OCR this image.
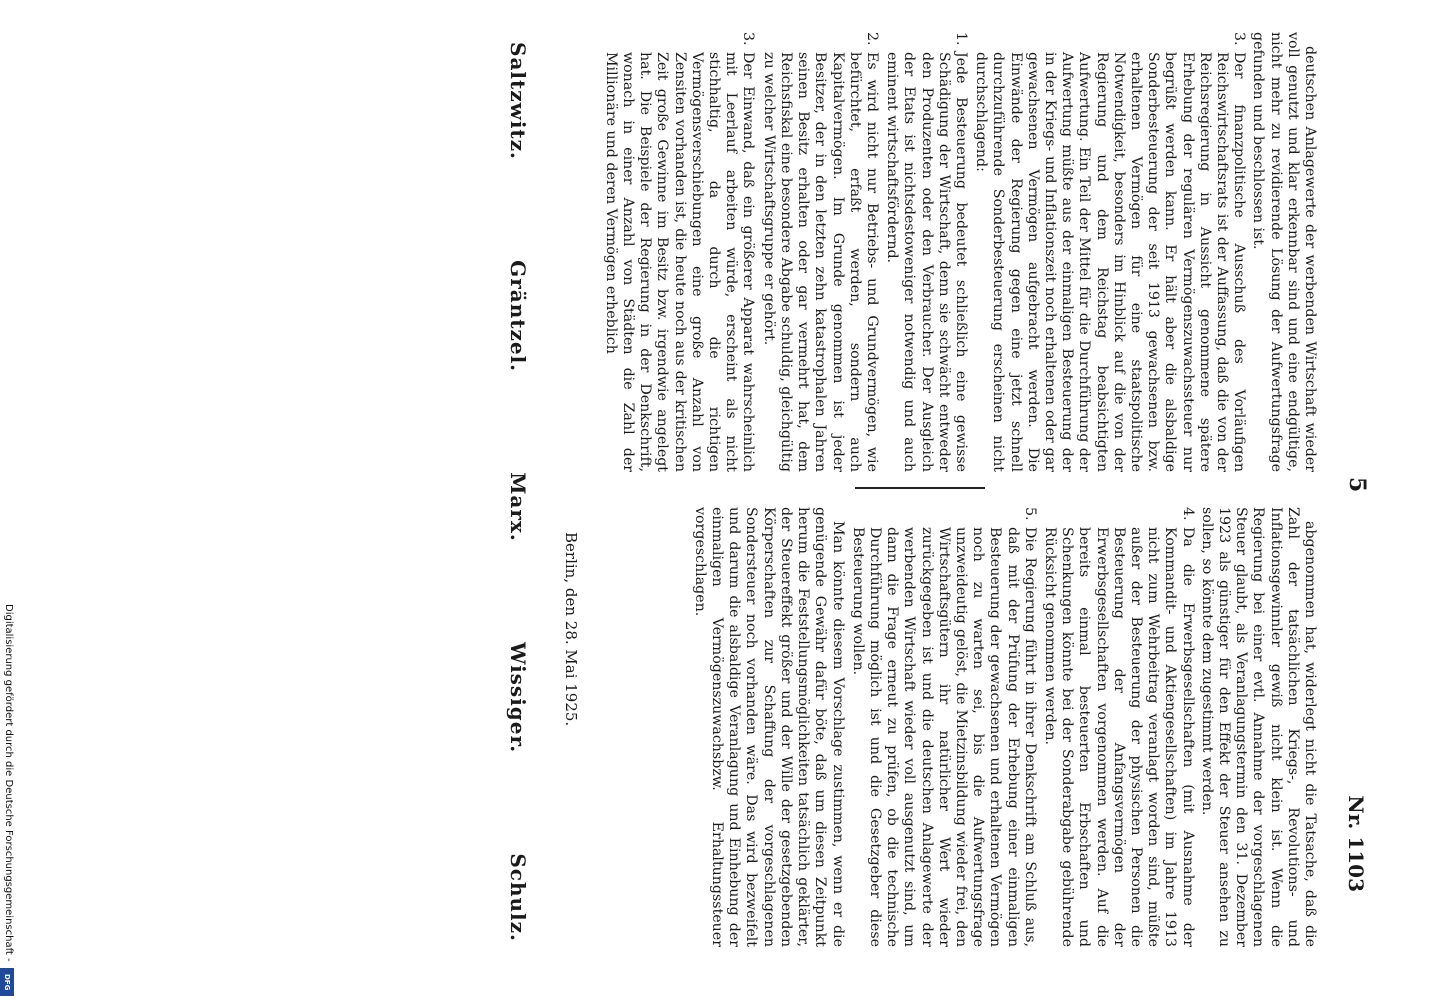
5
Nr. 1103

deutschen Anlagewerte der werbenden Wirtschaft wieder voll genutzt und klar erkennbar sind und eine endgültige, nicht mehr zu revidierende Lösung der Aufwertungsfrage gefunden und beschlossen ist.

3.
Der finanzpolitische Ausschuß des Vorläufigen Reichswirtschaftsrats ist der Auffassung, daß die von der Reichsregierung in Aussicht genommene spätere Erhebung der regulären Vermögenszuwachssteuer nur begrüßt werden kann. Er hält aber die alsbaldige Sonderbesteuerung der seit 1913 gewachsenen bzw. erhaltenen Vermögen für eine staatspolitische Notwendigkeit, besonders im Hinblick auf die von der Regierung und dem Reichstag beabsichtigten Aufwertung. Ein Teil der Mittel für die Durchführung der Aufwertung müßte aus der einmaligen Besteuerung der in der Kriegs- und Inflationszeit noch erhaltenen oder gar gewachsenen Vermögen aufgebracht werden. Die Einwände der Regierung gegen eine jetzt schnell durchzuführende Sonderbesteuerung erscheinen nicht durchschlagend:
1.
Jede Besteuerung bedeutet schließlich eine gewisse Schädigung der Wirtschaft, denn sie schwächt entweder den Produzenten oder den Verbraucher. Der Ausgleich der Etats ist nichtsdestoweniger notwendig und auch eminent wirtschaftsfördernd.
2.
Es wird nicht nur Betriebs- und Grundvermögen, wie befürchtet, erfaßt werden, sondern auch Kapitalvermögen. Im Grunde genommen ist jeder Besitzer, der in den letzten zehn katastrophalen Jahren seinen Besitz erhalten oder gar vermehrt hat, dem Reichsfiskal eine besondere Abgabe schuldig, gleichgültig zu welcher Wirtschaftsgruppe er gehört.
3.
Der Einwand, daß ein größerer Apparat wahrscheinlich mit Leerlauf arbeiten würde, erscheint als nicht stichhaltig, da durch die richtigen Vermögensverschiebungen eine große Anzahl von Zensiten vorhanden ist, die heute noch aus der kritischen Zeit große Gewinne im Besitz bzw. irgendwie angelegt hat. Die Beispiele der Regierung in der Denkschrift, wonach in einer Anzahl von Städten die Zahl der Millionäre und deren Vermögen erheblich

abgenommen hat, widerlegt nicht die Tatsache, daß die Zahl der tatsächlichen Kriegs-, Revolutions- und Inflationsgewinnler gewiß nicht klein ist. Wenn die Regierung bei einer evtl. Annahme der vorgeschlagenen Steuer glaubt, als Veranlagungstermin den 31. Dezember 1923 als günstiger für den Effekt der Steuer ansehen zu sollen, so könnte dem zugestimmt werden.

4.
Da die Erwerbsgesellschaften (mit Ausnahme der Kommandit- und Aktiengesellschaften) im Jahre 1913 nicht zum Wehrbeitrag veranlagt worden sind, müßte außer der Besteuerung der physischen Personen die Besteuerung der Anfangsvermögen der Erwerbsgesellschaften vorgenommen werden. Auf die bereits einmal besteuerten Erbschaften und Schenkungen könnte bei der Sonderabgabe gebührende Rücksicht genommen werden.
5.
Die Regierung führt in ihrer Denkschrift am Schluß aus, daß mit der Prüfung der Erhebung einer einmaligen Besteuerung der gewachsenen und erhaltenen Vermögen noch zu warten sei, bis die Aufwertungsfrage unzweideutig gelöst, die Mietzinsbildung wieder frei, den Wirtschaftsgütern ihr natürlicher Wert wieder zurückgegeben ist und die deutschen Anlagewerte der werbenden Wirtschaft wieder voll ausgenutzt sind, um dann die Frage erneut zu prüfen, ob die technische Durchführung möglich ist und die Gesetzgeber diese Besteuerung wollen.

Man könnte diesem Vorschlage zustimmen, wenn er die genügende Gewähr dafür böte, daß um diesen Zeitpunkt herum die Feststellungsmöglichkeiten tatsächlich geklärter, der Steuereffekt größer und der Wille der gesetzgebenden Körperschaften zur Schaffung der vorgeschlagenen Sondersteuer noch vorhanden wäre. Das wird bezweifelt und darum die alsbaldige Veranlagung und Einhebung der einmaligen Vermögenszuwachsbzw. Erhaltungssteuer vorgeschlagen.

Berlin, den 28. Mai 1925.
Saltzwitz.
Gräntzel.
Marx.
Wissiger.
Schulz.
Digitalisierung gefördert durch die Deutsche Forschungsgemeinschaft -
DFG
